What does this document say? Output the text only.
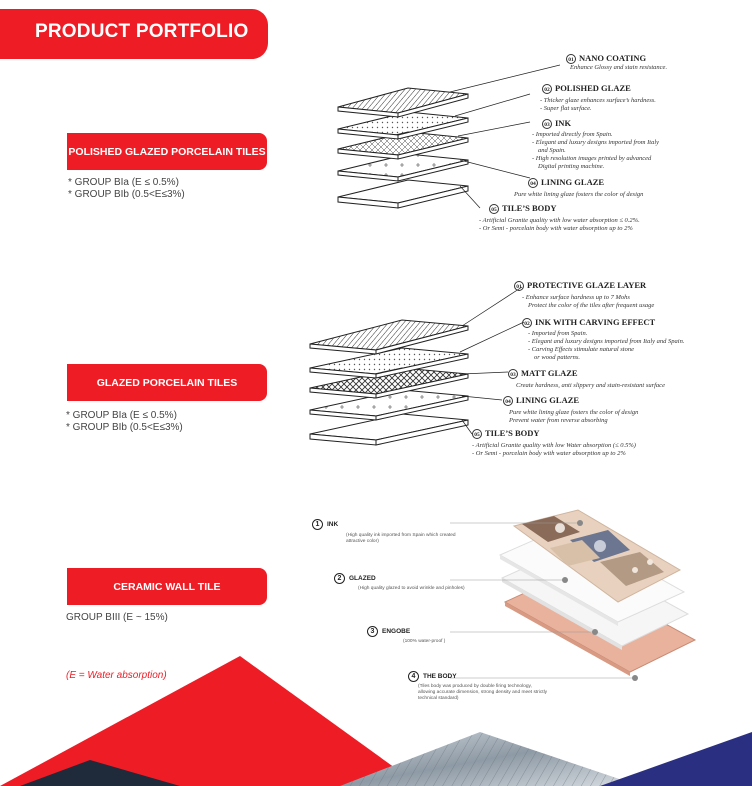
PRODUCT PORTFOLIO
POLISHED GLAZED PORCELAIN TILES
* GROUP BIa (E ≤ 0.5%)
* GROUP BIb (0.5<E≤3%)
GLAZED PORCELAIN TILES
* GROUP BIa (E ≤ 0.5%)
* GROUP BIb (0.5<E≤3%)
CERAMIC WALL TILE
GROUP BIII (E ~ 15%)
(E = Water absorption)
01 NANO COATING
Enhance Glossy and stain resistance.
02 POLISHED GLAZE
- Thicker glaze enhances surface’s hardness.
- Super flat surface.
03 INK
- Imported directly from Spain.
- Elegant and luxury designs imported from Italy
and Spain.
- High resolution images printed by advanced
Digital printing machine.
04 LINING GLAZE
Pure white lining glaze fosters the color of design
05 TILE’S BODY
- Artificial Granite quality with low water absorption ≤ 0.2%.
- Or Semi - porcelain body with water absorption up to 2%
01 PROTECTIVE GLAZE LAYER
- Enhance surface hardness up to 7 Mohs
Protect the color of the tiles after frequent usage
02 INK WITH CARVING EFFECT
- Imported from Spain.
- Elegant and luxury designs imported from Italy and Spain.
- Carving Effects stimulate natural stone
or wood patterns.
03 MATT GLAZE
Create hardness, anti slippery and stain-resistant surface
04 LINING GLAZE
Pure white lining glaze fosters the color of design
Prevent water from reverse absorbing
05 TILE’S BODY
- Artificial Granite quality with low Water absorption (≤ 0.5%)
- Or Semi - porcelain body with water absorption up to 2%
1 INK
(High quality ink imported from Spain which created
attractive color)
2 GLAZED
(High quality glazed to avoid wrinkle and pinholes)
3 ENGOBE
(100% water-proof )
4 THE BODY
(Tiles body was produced by double firing technology,
allowing accurate dimension, strong density and meet strictly
technical standard)
